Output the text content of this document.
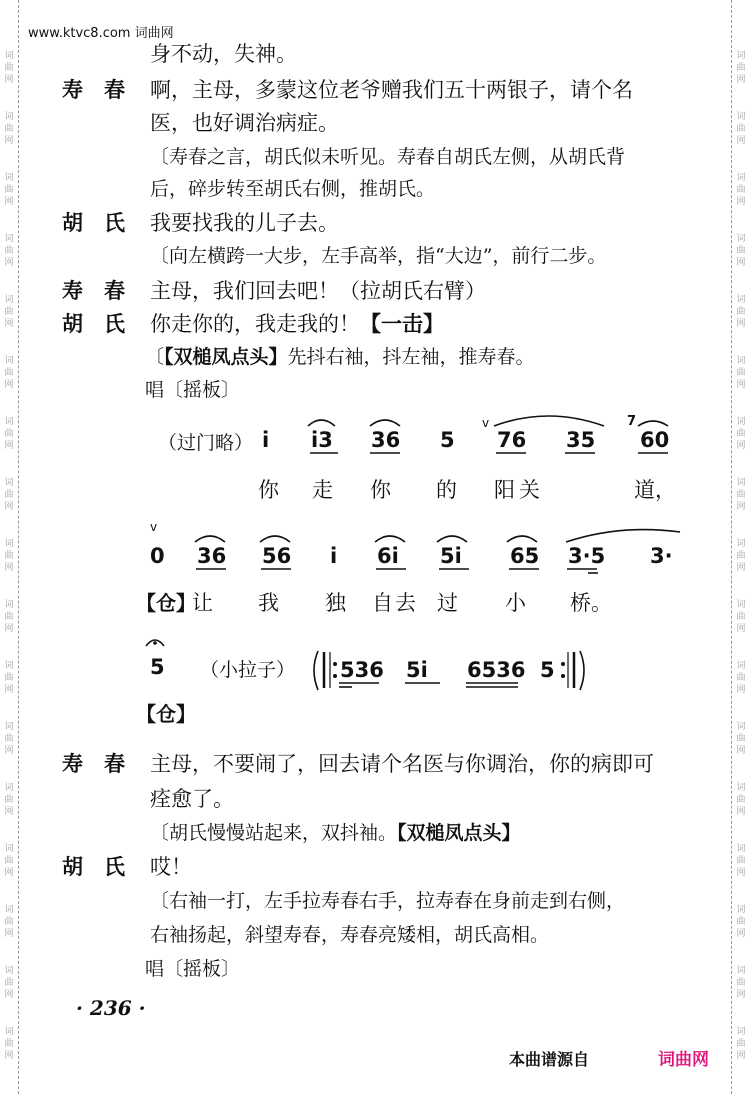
词
曲
网
词
曲
网
词
曲
网
词
曲
网
词
曲
网
词
曲
网
词
曲
网
词
曲
网
词
曲
网
词
曲
网
词
曲
网
词
曲
网
词
曲
网
词
曲
网
词
曲
网
词
曲
网
词
曲
网
词
曲
网
词
曲
网
词
曲
网
词
曲
网
词
曲
网
词
曲
网
词
曲
网
词
曲
网
词
曲
网
词
曲
网
词
曲
网
词
曲
网
词
曲
网
词
曲
网
词
曲
网
词
曲
网
词
曲
网
www.ktvc8.com 词曲网
身不动，失神。
寿　春 啊，主母，多蒙这位老爷赠我们五十两银子，请个名
医，也好调治病症。
〔寿春之言，胡氏似未听见。寿春自胡氏左侧，从胡氏背
后，碎步转至胡氏右侧，推胡氏。
胡　氏 我要找我的儿子去。
〔向左横跨一大步，左手高举，指“大边”，前行二步。
寿　春 主母，我们回去吧！（拉胡氏右臂）
胡　氏 你走你的，我走我的！【一击】
〔【双槌凤点头】先抖右袖，抖左袖，推寿春。
唱〔摇板〕
（过门略） i i3 36 5 76 35 60
v	7
你 走 你 的 阳关	道，
v
0 36 56 i 6i 5i 65 3·5 3·
【仓】
让 我 独 自去 过 小 桥。
5 （小拉子） 536 5i 6536 5
【仓】
寿　春 主母，不要闹了，回去请个名医与你调治，你的病即可
痊愈了。
〔胡氏慢慢站起来，双抖袖。【双槌凤点头】
胡　氏 哎！
〔右袖一打，左手拉寿春右手，拉寿春在身前走到右侧，
右袖扬起，斜望寿春，寿春亮矮相，胡氏高相。
唱〔摇板〕
· 236 ·
本曲谱源自	词曲网
